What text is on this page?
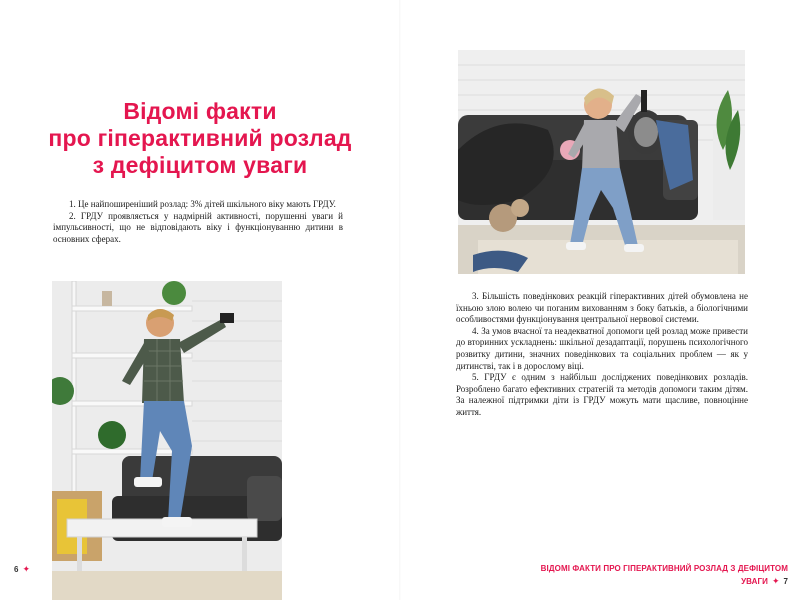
Відомі факти
про гіперактивний розлад
з дефіцитом уваги

1. Це найпоширеніший розлад: 3% дітей шкільного віку мають ГРДУ.

2. ГРДУ проявляється у надмірній активності, порушенні уваги й імпульсивності, що не відповідають віку і функціонуванню дитини в основних сферах.

6 ✦

3. Більшість поведінкових реакцій гіперактивних дітей обумовлена не їхньою злою волею чи поганим вихованням з боку батьків, а біологічними особливостями функціонування центральної нервової системи.

4. За умов вчасної та неадекватної допомоги цей розлад може привести до вторинних ускладнень: шкільної дезадаптації, порушень психологічного розвитку дитини, значних поведінкових та соціальних проблем — як у дитинстві, так і в дорослому віці.

5. ГРДУ є одним з найбільш досліджених поведінкових розладів. Розроблено багато ефективних стратегій та методів допомоги таким дітям. За належної підтримки діти із ГРДУ можуть мати щасливе, повноцінне життя.

ВІДОМІ ФАКТИ ПРО ГІПЕРАКТИВНИЙ РОЗЛАД З ДЕФІЦИТОМ УВАГИ ✦ 7
